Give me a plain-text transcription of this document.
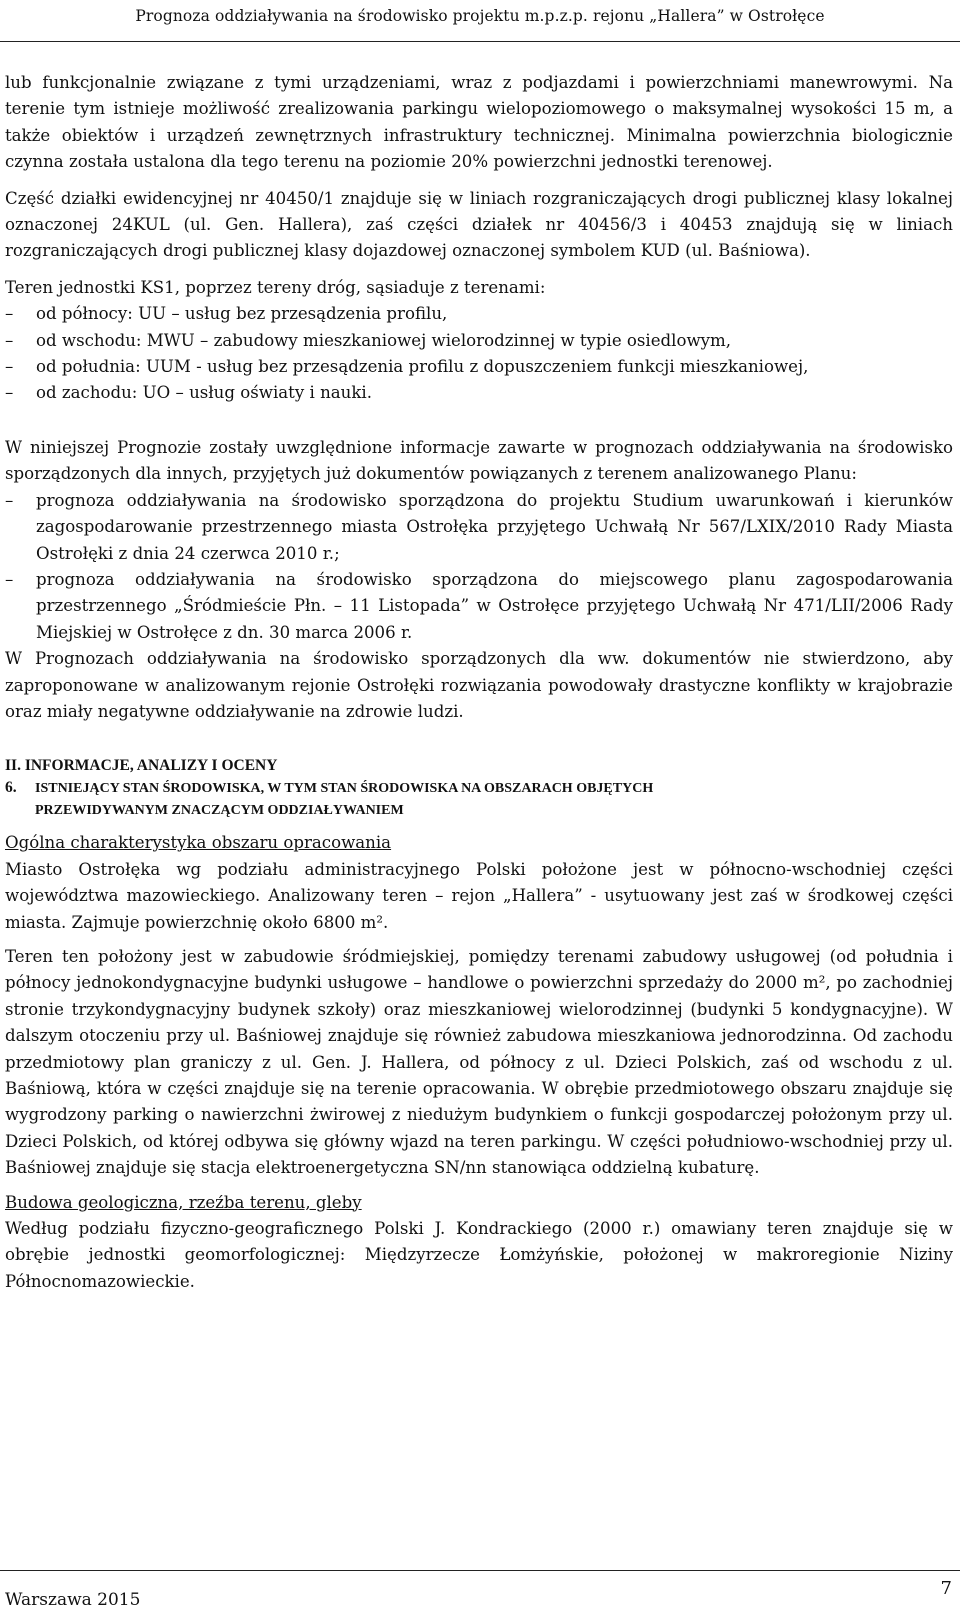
Prognoza oddziaływania na środowisko projektu m.p.z.p. rejonu „Hallera” w Ostrołęce

lub funkcjonalnie związane z tymi urządzeniami, wraz z podjazdami i powierzchniami manewrowymi. Na terenie tym istnieje możliwość zrealizowania parkingu wielopoziomowego o maksymalnej wysokości 15 m, a także obiektów i urządzeń zewnętrznych infrastruktury technicznej. Minimalna powierzchnia biologicznie czynna została ustalona dla tego terenu na poziomie 20% powierzchni jednostki terenowej.

Część działki ewidencyjnej nr 40450/1 znajduje się w liniach rozgraniczających drogi publicznej klasy lokalnej oznaczonej 24KUL (ul. Gen. Hallera), zaś części działek nr 40456/3 i 40453 znajdują się w liniach rozgraniczających drogi publicznej klasy dojazdowej oznaczonej symbolem KUD (ul. Baśniowa).

Teren jednostki KS1, poprzez tereny dróg, sąsiaduje z terenami:

– od północy: UU – usług bez przesądzenia profilu,
– od wschodu: MWU – zabudowy mieszkaniowej wielorodzinnej w typie osiedlowym,
– od południa: UUM - usług bez przesądzenia profilu z dopuszczeniem funkcji mieszkaniowej,
– od zachodu: UO – usług oświaty i nauki.

W niniejszej Prognozie zostały uwzględnione informacje zawarte w prognozach oddziaływania na środowisko sporządzonych dla innych, przyjętych już dokumentów powiązanych z terenem analizowanego Planu:

– prognoza oddziaływania na środowisko sporządzona do projektu Studium uwarunkowań i kierunków zagospodarowanie przestrzennego miasta Ostrołęka przyjętego Uchwałą Nr 567/LXIX/2010 Rady Miasta Ostrołęki z dnia 24 czerwca 2010 r.;
– prognoza oddziaływania na środowisko sporządzona do miejscowego planu zagospodarowania przestrzennego „Śródmieście Płn. – 11 Listopada” w Ostrołęce przyjętego Uchwałą Nr 471/LII/2006 Rady Miejskiej w Ostrołęce z dn. 30 marca 2006 r.

W Prognozach oddziaływania na środowisko sporządzonych dla ww. dokumentów nie stwierdzono, aby zaproponowane w analizowanym rejonie Ostrołęki rozwiązania powodowały drastyczne konflikty w krajobrazie oraz miały negatywne oddziaływanie na zdrowie ludzi.

II. INFORMACJE, ANALIZY I OCENY
6. ISTNIEJĄCY STAN ŚRODOWISKA, W TYM STAN ŚRODOWISKA NA OBSZARACH OBJĘTYCH
PRZEWIDYWANYM ZNACZĄCYM ODDZIAŁYWANIEM
Ogólna charakterystyka obszaru opracowania

Miasto Ostrołęka wg podziału administracyjnego Polski położone jest w północno-wschodniej części województwa mazowieckiego. Analizowany teren – rejon „Hallera” - usytuowany jest zaś w środkowej części miasta. Zajmuje powierzchnię około 6800 m².

Teren ten położony jest w zabudowie śródmiejskiej, pomiędzy terenami zabudowy usługowej (od południa i północy jednokondygnacyjne budynki usługowe – handlowe o powierzchni sprzedaży do 2000 m², po zachodniej stronie trzykondygnacyjny budynek szkoły) oraz mieszkaniowej wielorodzinnej (budynki 5 kondygnacyjne). W dalszym otoczeniu przy ul. Baśniowej znajduje się również zabudowa mieszkaniowa jednorodzinna. Od zachodu przedmiotowy plan graniczy z ul. Gen. J. Hallera, od północy z ul. Dzieci Polskich, zaś od wschodu z ul. Baśniową, która w części znajduje się na terenie opracowania. W obrębie przedmiotowego obszaru znajduje się wygrodzony parking o nawierzchni żwirowej z niedużym budynkiem o funkcji gospodarczej położonym przy ul. Dzieci Polskich, od której odbywa się główny wjazd na teren parkingu. W części południowo-wschodniej przy ul. Baśniowej znajduje się stacja elektroenergetyczna SN/nn stanowiąca oddzielną kubaturę.

Budowa geologiczna, rzeźba terenu, gleby

Według podziału fizyczno-geograficznego Polski J. Kondrackiego (2000 r.) omawiany teren znajduje się w obrębie jednostki geomorfologicznej: Międzyrzecze Łomżyńskie, położonej w makroregionie Niziny Północnomazowieckie.

Warszawa 2015
7
